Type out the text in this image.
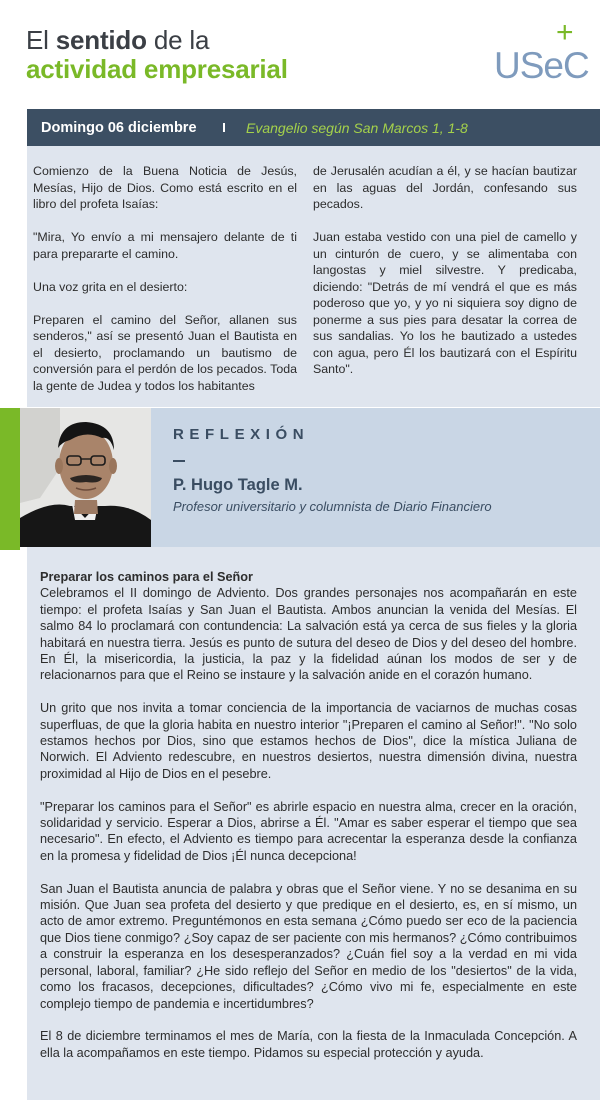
El sentido de la
actividad empresarial	USeC
+
Domingo 06 diciembre	Evangelio según San Marcos 1, 1-8

Comienzo de la Buena Noticia de Jesús, Mesías, Hijo de Dios. Como está escrito en el libro del profeta Isaías:

"Mira, Yo envío a mi mensajero delante de ti para prepararte el camino.

Una voz grita en el desierto:

Preparen el camino del Señor, allanen sus senderos," así se presentó Juan el Bautista en el desierto, proclamando un bautismo de conversión para el perdón de los pecados. Toda la gente de Judea y todos los habitantes

de Jerusalén acudían a él, y se hacían bautizar en las aguas del Jordán, confesando sus pecados.

Juan estaba vestido con una piel de camello y un cinturón de cuero, y se alimentaba con langostas y miel silvestre. Y predicaba, diciendo: "Detrás de mí vendrá el que es más poderoso que yo, y yo ni siquiera soy digno de ponerme a sus pies para desatar la correa de sus sandalias. Yo los he bautizado a ustedes con agua, pero Él los bautizará con el Espíritu Santo".

REFLEXIÓN
P. Hugo Tagle M.
Profesor universitario y columnista de Diario Financiero
Preparar los caminos para el Señor

Celebramos el II domingo de Adviento. Dos grandes personajes nos acompañarán en este tiempo: el profeta Isaías y San Juan el Bautista. Ambos anuncian la venida del Mesías. El salmo 84 lo proclamará con contundencia: La salvación está ya cerca de sus fieles y la gloria habitará en nuestra tierra. Jesús es punto de sutura del deseo de Dios y del deseo del hombre. En Él, la misericordia, la justicia, la paz y la fidelidad aúnan los modos de ser y de relacionarnos para que el Reino se instaure y la salvación anide en el corazón humano.

Un grito que nos invita a tomar conciencia de la importancia de vaciarnos de muchas cosas superfluas, de que la gloria habita en nuestro interior "¡Preparen el camino al Señor!". "No solo estamos hechos por Dios, sino que estamos hechos de Dios", dice la mística Juliana de Norwich. El Adviento redescubre, en nuestros desiertos, nuestra dimensión divina, nuestra proximidad al Hijo de Dios en el pesebre.

"Preparar los caminos para el Señor" es abrirle espacio en nuestra alma, crecer en la oración, solidaridad y servicio. Esperar a Dios, abrirse a Él. "Amar es saber esperar el tiempo que sea necesario". En efecto, el Adviento es tiempo para acrecentar la esperanza desde la confianza en la promesa y fidelidad de Dios ¡Él nunca decepciona!

San Juan el Bautista anuncia de palabra y obras que el Señor viene. Y no se desanima en su misión. Que Juan sea profeta del desierto y que predique en el desierto, es, en sí mismo, un acto de amor extremo. Preguntémonos en esta semana ¿Cómo puedo ser eco de la paciencia que Dios tiene conmigo? ¿Soy capaz de ser paciente con mis hermanos? ¿Cómo contribuimos a construir la esperanza en los desesperanzados? ¿Cuán fiel soy a la verdad en mi vida personal, laboral, familiar? ¿He sido reflejo del Señor en medio de los "desiertos" de la vida, como los fracasos, decepciones, dificultades? ¿Cómo vivo mi fe, especialmente en este complejo tiempo de pandemia e incertidumbres?

El 8 de diciembre terminamos el mes de María, con la fiesta de la Inmaculada Concepción. A ella la acompañamos en este tiempo. Pidamos su especial protección y ayuda.
